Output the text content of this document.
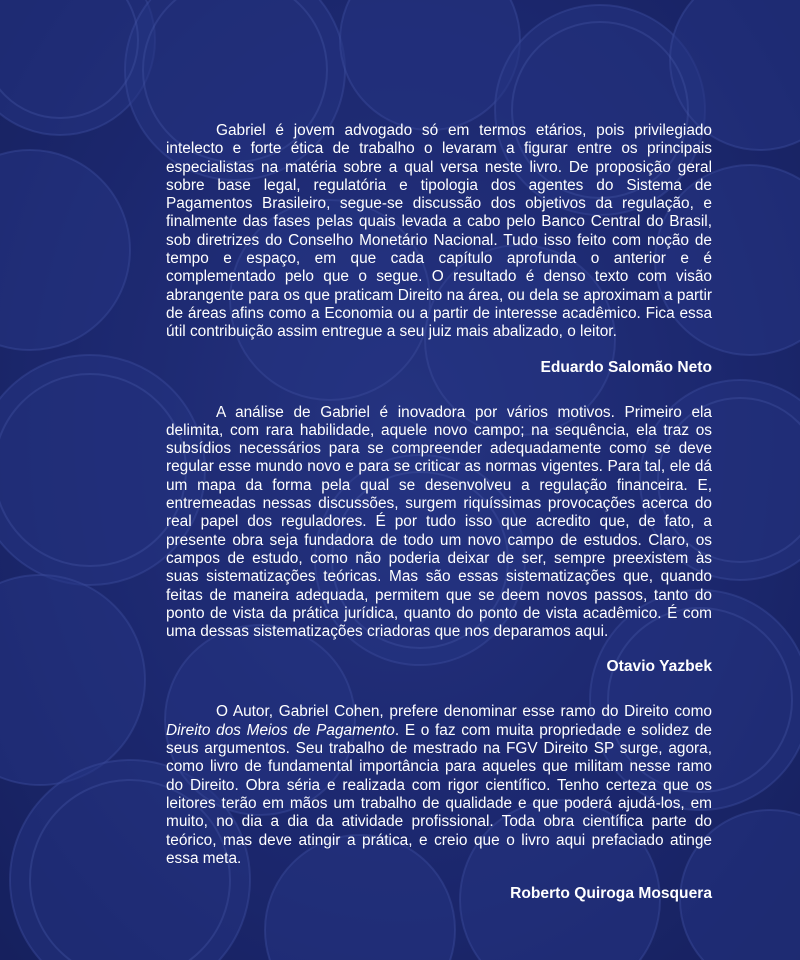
Gabriel é jovem advogado só em termos etários, pois privilegiado intelecto e forte ética de trabalho o levaram a figurar entre os principais especialistas na matéria sobre a qual versa neste livro. De proposição geral sobre base legal, regulatória e tipologia dos agentes do Sistema de Pagamentos Brasileiro, segue-se discussão dos objetivos da regulação, e finalmente das fases pelas quais levada a cabo pelo Banco Central do Brasil, sob diretrizes do Conselho Monetário Nacional. Tudo isso feito com noção de tempo e espaço, em que cada capítulo aprofunda o anterior e é complementado pelo que o segue. O resultado é denso texto com visão abrangente para os que praticam Direito na área, ou dela se aproximam a partir de áreas afins como a Economia ou a partir de interesse acadêmico. Fica essa útil contribuição assim entregue a seu juiz mais abalizado, o leitor.

Eduardo Salomão Neto

A análise de Gabriel é inovadora por vários motivos. Primeiro ela delimita, com rara habilidade, aquele novo campo; na sequência, ela traz os subsídios necessários para se compreender adequadamente como se deve regular esse mundo novo e para se criticar as normas vigentes. Para tal, ele dá um mapa da forma pela qual se desenvolveu a regulação financeira. E, entremeadas nessas discussões, surgem riquíssimas provocações acerca do real papel dos reguladores. É por tudo isso que acredito que, de fato, a presente obra seja fundadora de todo um novo campo de estudos. Claro, os campos de estudo, como não poderia deixar de ser, sempre preexistem às suas sistematizações teóricas. Mas são essas sistematizações que, quando feitas de maneira adequada, permitem que se deem novos passos, tanto do ponto de vista da prática jurídica, quanto do ponto de vista acadêmico. É com uma dessas sistematizações criadoras que nos deparamos aqui.

Otavio Yazbek

O Autor, Gabriel Cohen, prefere denominar esse ramo do Direito como Direito dos Meios de Pagamento. E o faz com muita propriedade e solidez de seus argumentos. Seu trabalho de mestrado na FGV Direito SP surge, agora, como livro de fundamental importância para aqueles que militam nesse ramo do Direito. Obra séria e realizada com rigor científico. Tenho certeza que os leitores terão em mãos um trabalho de qualidade e que poderá ajudá-los, em muito, no dia a dia da atividade profissional. Toda obra científica parte do teórico, mas deve atingir a prática, e creio que o livro aqui prefaciado atinge essa meta.

Roberto Quiroga Mosquera
